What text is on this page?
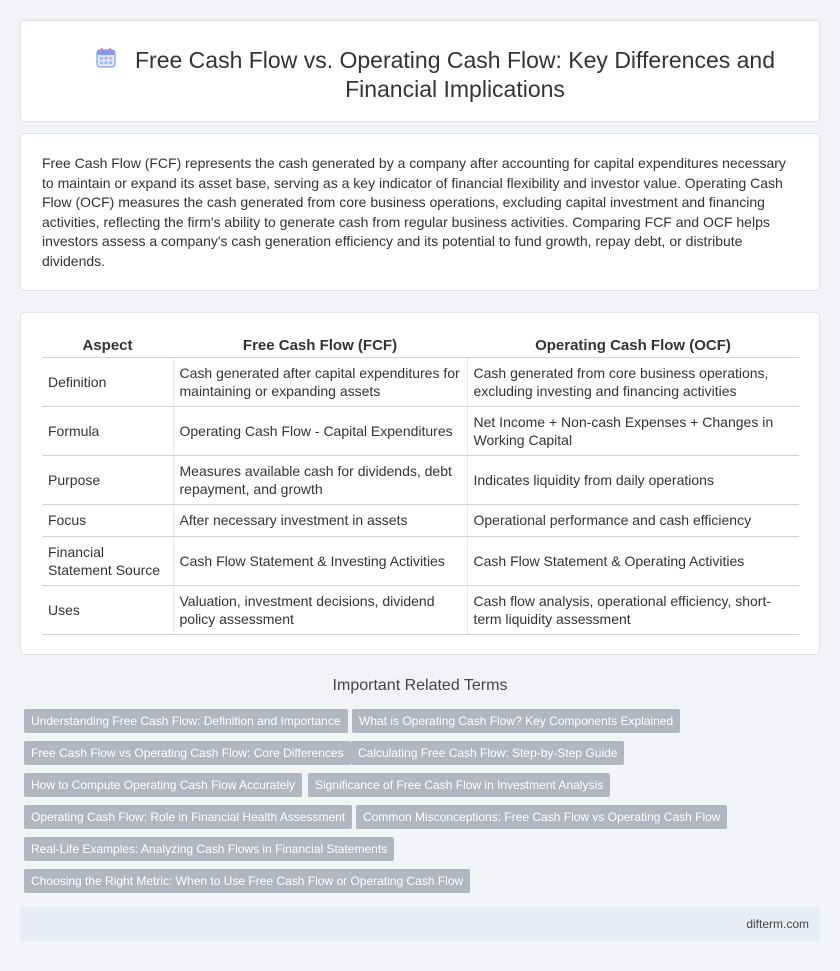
Free Cash Flow vs. Operating Cash Flow: Key Differences and Financial Implications

Free Cash Flow (FCF) represents the cash generated by a company after accounting for capital expenditures necessary to maintain or expand its asset base, serving as a key indicator of financial flexibility and investor value. Operating Cash Flow (OCF) measures the cash generated from core business operations, excluding capital investment and financing activities, reflecting the firm's ability to generate cash from regular business activities. Comparing FCF and OCF helps investors assess a company's cash generation efficiency and its potential to fund growth, repay debt, or distribute dividends.

Aspect	Free Cash Flow (FCF)	Operating Cash Flow (OCF)
Definition	Cash generated after capital expenditures for maintaining or expanding assets	Cash generated from core business operations, excluding investing and financing activities
Formula	Operating Cash Flow - Capital Expenditures	Net Income + Non-cash Expenses + Changes in Working Capital
Purpose	Measures available cash for dividends, debt repayment, and growth	Indicates liquidity from daily operations
Focus	After necessary investment in assets	Operational performance and cash efficiency
Financial Statement Source	Cash Flow Statement & Investing Activities	Cash Flow Statement & Operating Activities
Uses	Valuation, investment decisions, dividend policy assessment	Cash flow analysis, operational efficiency, short-term liquidity assessment
Important Related Terms
Understanding Free Cash Flow: Definition and Importance	What is Operating Cash Flow? Key Components Explained
Free Cash Flow vs Operating Cash Flow: Core Differences	Calculating Free Cash Flow: Step-by-Step Guide
How to Compute Operating Cash Flow Accurately	Significance of Free Cash Flow in Investment Analysis
Operating Cash Flow: Role in Financial Health Assessment	Common Misconceptions: Free Cash Flow vs Operating Cash Flow
Real-Life Examples: Analyzing Cash Flows in Financial Statements
Choosing the Right Metric: When to Use Free Cash Flow or Operating Cash Flow
difterm.com
